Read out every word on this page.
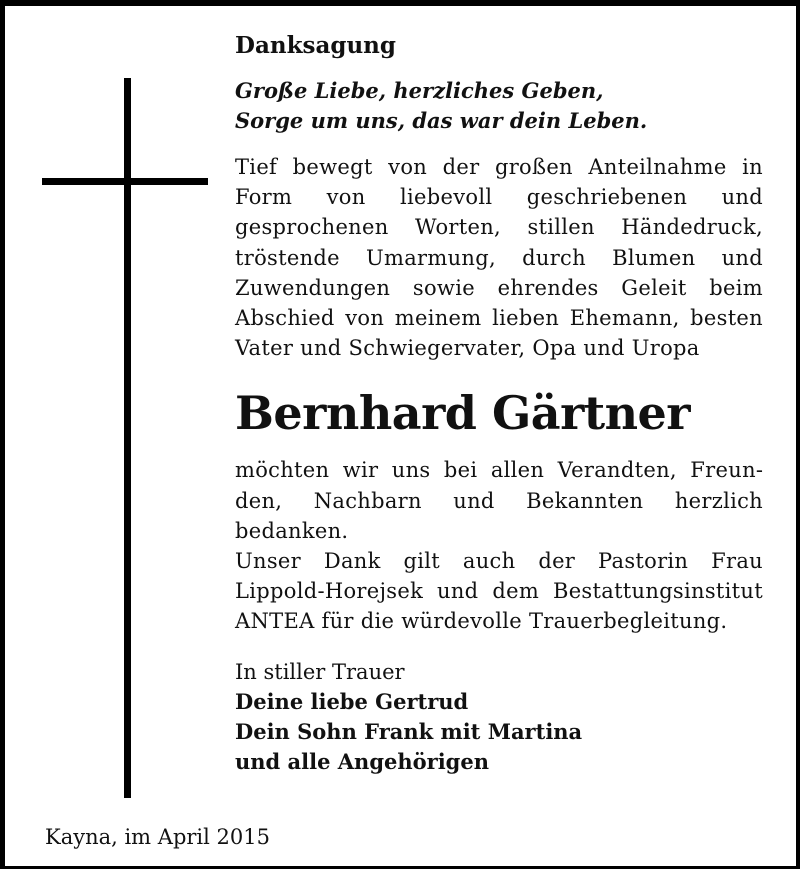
Danksagung
Große Liebe, herzliches Geben,
Sorge um uns, das war dein Leben.
Tief bewegt von der großen Anteilnahme in Form von liebevoll geschriebenen und gesprochenen Worten, stillen Händedruck, tröstende Umarmung, durch Blumen und Zuwendungen sowie ehrendes Geleit beim Abschied von meinem lieben Ehemann, besten Vater und Schwiegervater, Opa und Uropa
Bernhard Gärtner
möchten wir uns bei allen Verandten, Freunden, Nachbarn und Bekannten herzlich bedanken.
Unser Dank gilt auch der Pastorin Frau Lippold-Horejsek und dem Bestattungsinstitut ANTEA für die würdevolle Trauerbegleitung.
In stiller Trauer
Deine liebe Gertrud
Dein Sohn Frank mit Martina
und alle Angehörigen
Kayna, im April 2015
